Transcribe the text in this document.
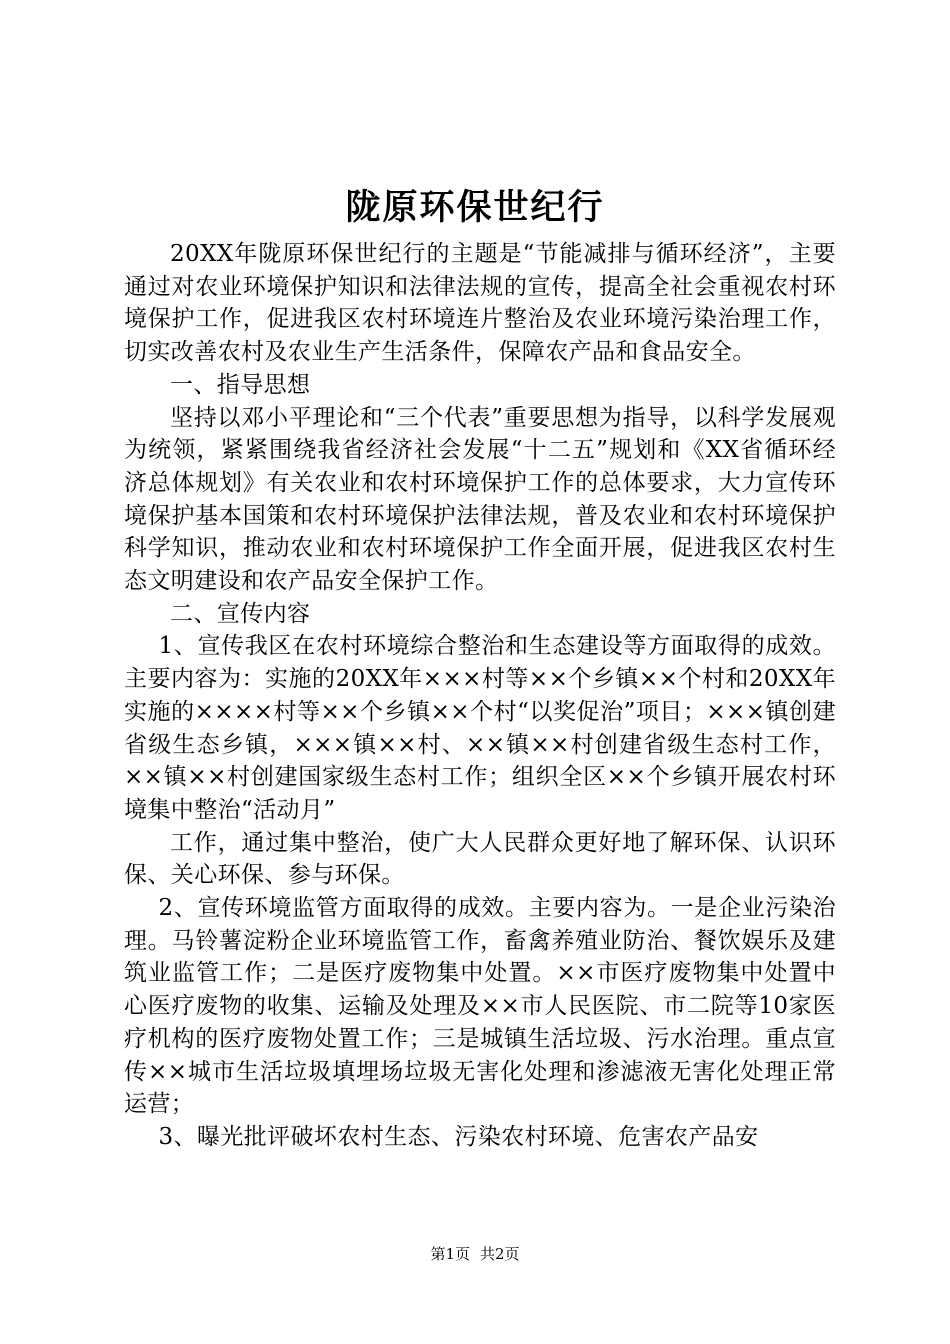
陇原环保世纪行

20XX年陇原环保世纪行的主题是“节能减排与循环经济”，主要通过对农业环境保护知识和法律法规的宣传，提高全社会重视农村环境保护工作，促进我区农村环境连片整治及农业环境污染治理工作，切实改善农村及农业生产生活条件，保障农产品和食品安全。

一、指导思想

坚持以邓小平理论和“三个代表”重要思想为指导，以科学发展观为统领，紧紧围绕我省经济社会发展“十二五”规划和《XX省循环经济总体规划》有关农业和农村环境保护工作的总体要求，大力宣传环境保护基本国策和农村环境保护法律法规，普及农业和农村环境保护科学知识，推动农业和农村环境保护工作全面开展，促进我区农村生态文明建设和农产品安全保护工作。

二、宣传内容

1、宣传我区在农村环境综合整治和生态建设等方面取得的成效。主要内容为：实施的20XX年×××村等××个乡镇××个村和20XX年实施的××××村等××个乡镇××个村“以奖促治”项目；×××镇创建省级生态乡镇，×××镇××村、××镇××村创建省级生态村工作，××镇××村创建国家级生态村工作；组织全区××个乡镇开展农村环境集中整治“活动月”

工作，通过集中整治，使广大人民群众更好地了解环保、认识环保、关心环保、参与环保。

2、宣传环境监管方面取得的成效。主要内容为。一是企业污染治理。马铃薯淀粉企业环境监管工作，畜禽养殖业防治、餐饮娱乐及建筑业监管工作；二是医疗废物集中处置。××市医疗废物集中处置中心医疗废物的收集、运输及处理及××市人民医院、市二院等10家医疗机构的医疗废物处置工作；三是城镇生活垃圾、污水治理。重点宣传××城市生活垃圾填埋场垃圾无害化处理和渗滤液无害化处理正常运营；

3、曝光批评破坏农村生态、污染农村环境、危害农产品安

第1页 共2页
